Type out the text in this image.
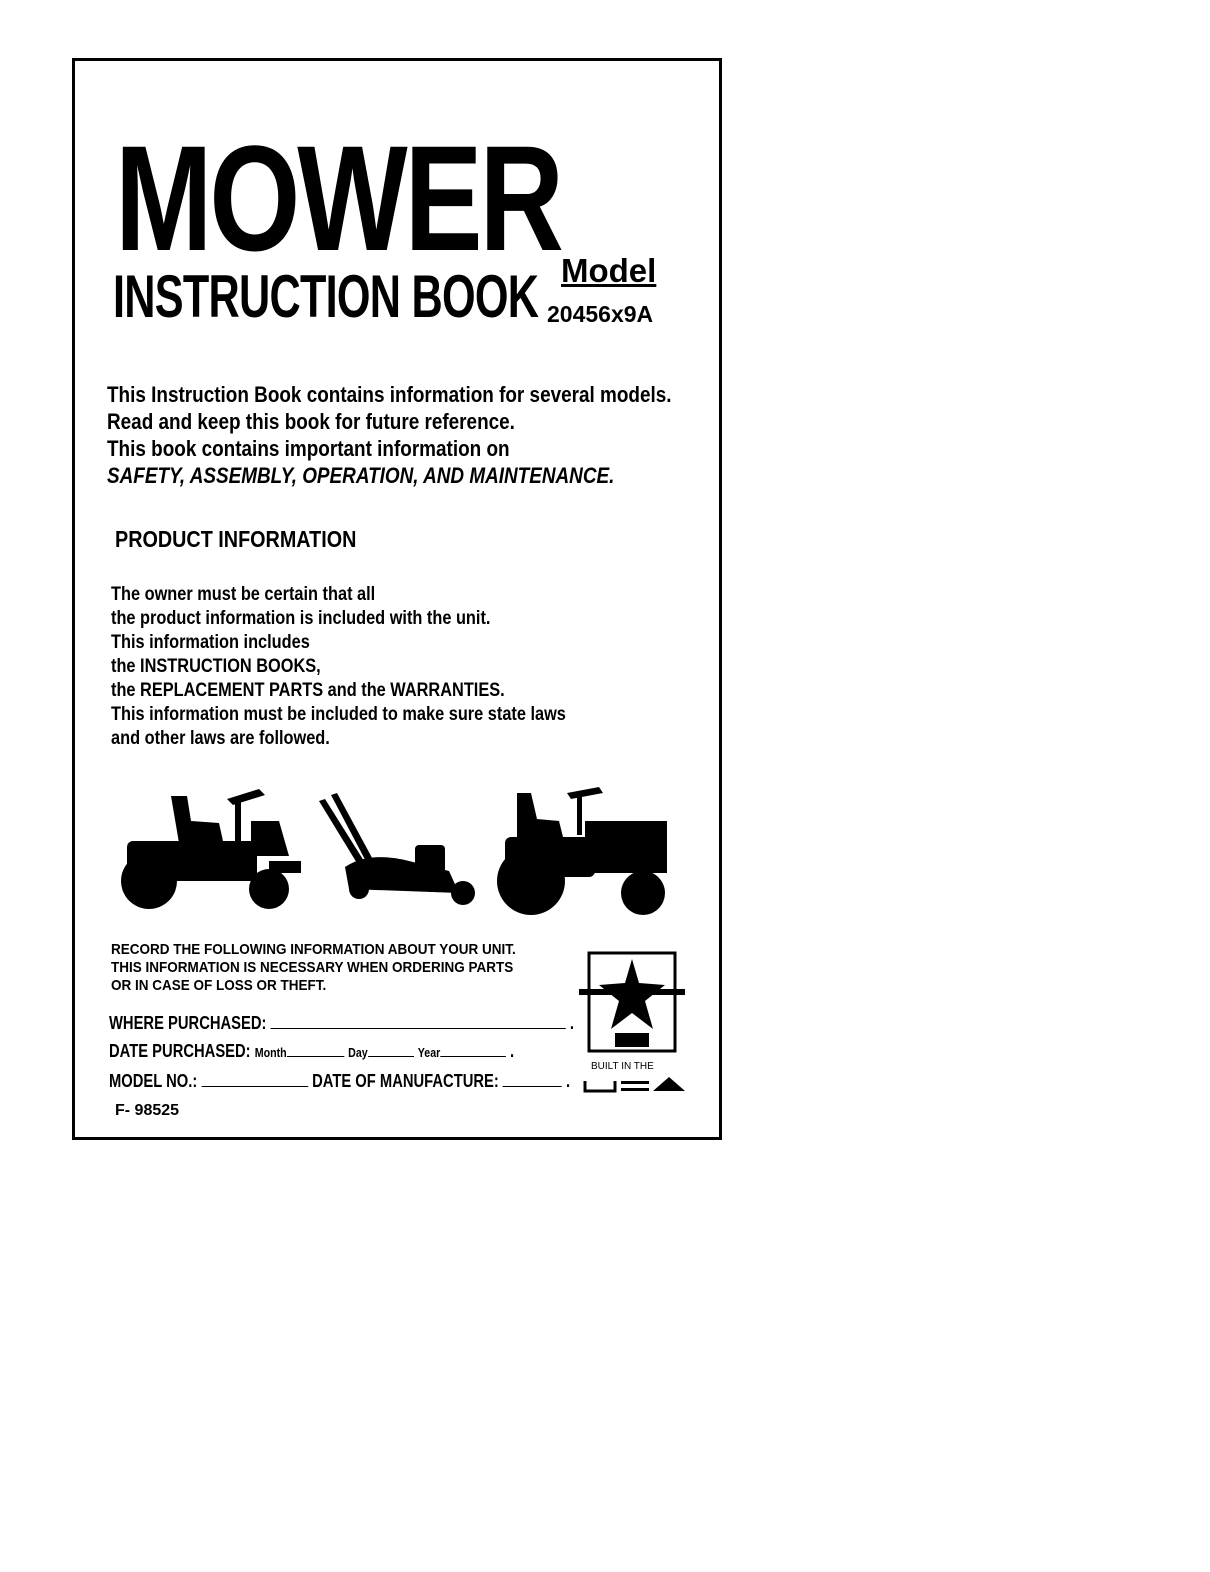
MOWER
INSTRUCTION BOOK Model
20456x9A
This Instruction Book contains information for several models.
Read and keep this book for future reference.
This book contains important information on
SAFETY, ASSEMBLY, OPERATION, AND MAINTENANCE.
PRODUCT INFORMATION
The owner must be certain that all
the product information is included with the unit.
This information includes
the INSTRUCTION BOOKS,
the REPLACEMENT PARTS and the WARRANTIES.
This information must be included to make sure state laws
and other laws are followed.
RECORD THE FOLLOWING INFORMATION ABOUT YOUR UNIT.
THIS INFORMATION IS NECESSARY WHEN ORDERING PARTS
OR IN CASE OF LOSS OR THEFT.
WHERE PURCHASED:	.
DATE PURCHASED: Month	Day	Year	.
MODEL NO.:	DATE OF MANUFACTURE:	.
F- 98525
BUILT IN THE
